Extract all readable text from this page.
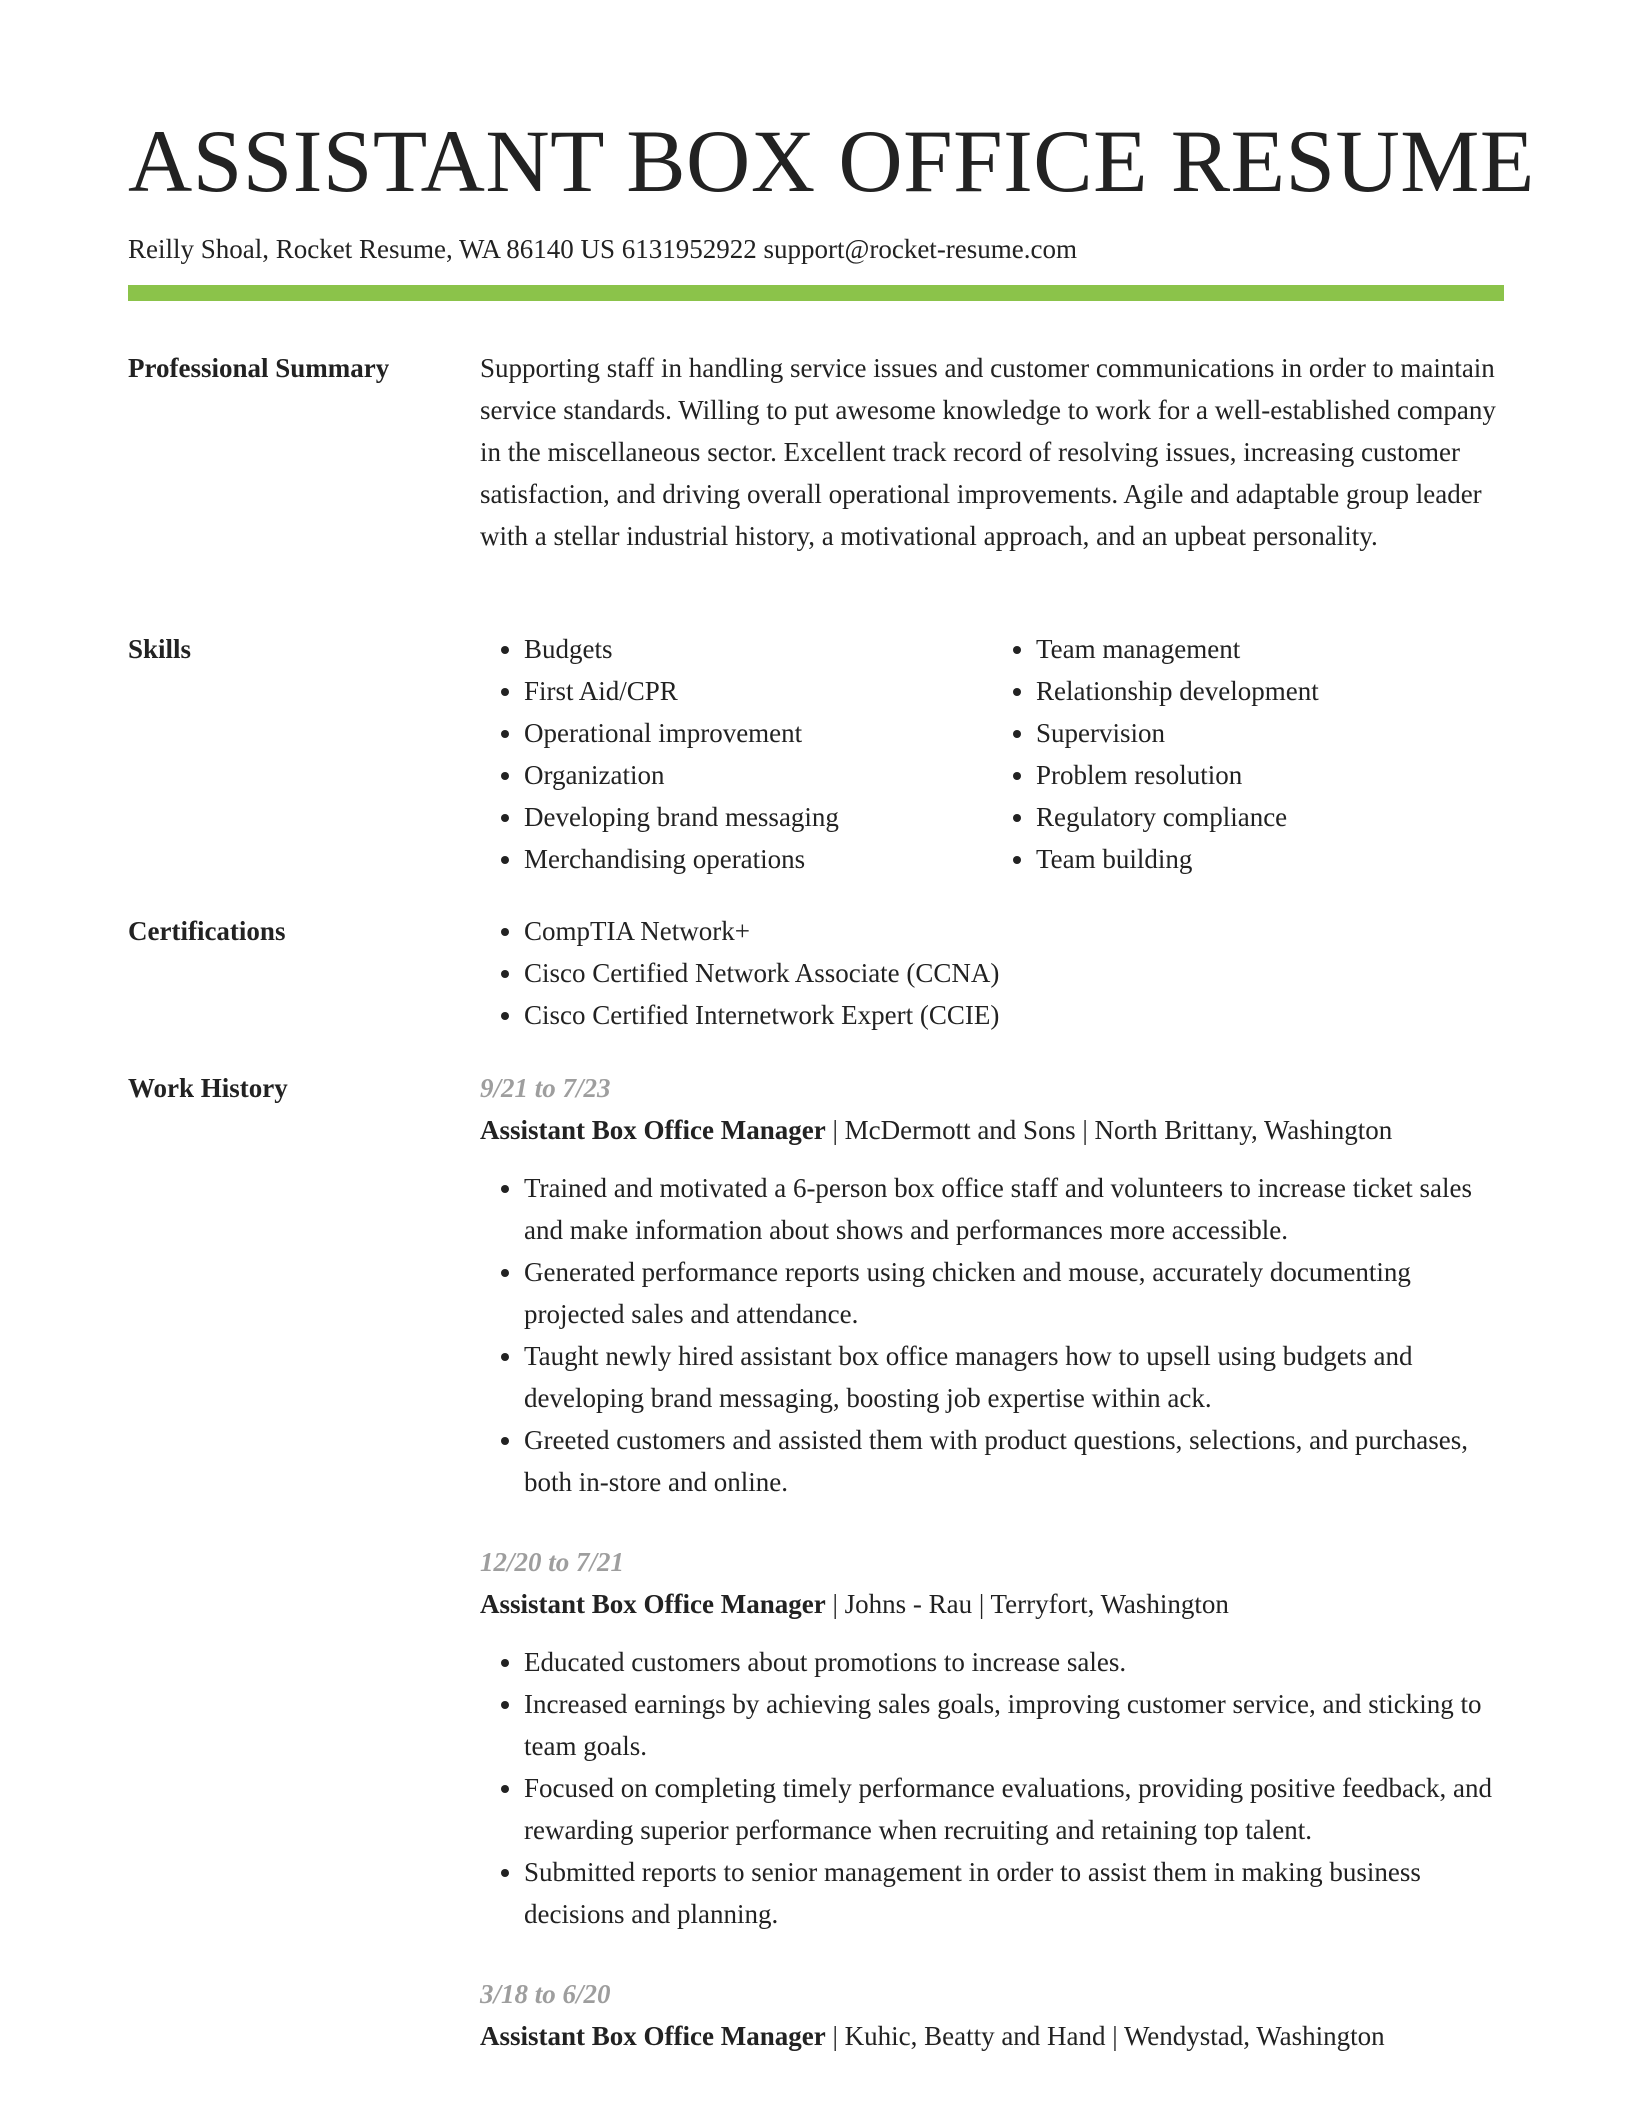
ASSISTANT BOX OFFICE RESUME
Reilly Shoal, Rocket Resume, WA 86140 US 6131952922 support@rocket-resume.com
Professional Summary	Supporting staff in handling service issues and customer communications in order to maintain service standards. Willing to put awesome knowledge to work for a well-established company in the miscellaneous sector. Excellent track record of resolving issues, increasing customer satisfaction, and driving overall operational improvements. Agile and adaptable group leader with a stellar industrial history, a motivational approach, and an upbeat personality.

Skills	• Budgets
• First Aid/CPR
• Operational improvement
• Organization
• Developing brand messaging
• Merchandising operations
• Team management
• Relationship development
• Supervision
• Problem resolution
• Regulatory compliance
• Team building
Certifications	• CompTIA Network+
• Cisco Certified Network Associate (CCNA)
• Cisco Certified Internetwork Expert (CCIE)
Work History	9/21 to 7/23
Assistant Box Office Manager | McDermott and Sons | North Brittany, Washington
• Trained and motivated a 6-person box office staff and volunteers to increase ticket sales and make information about shows and performances more accessible.
• Generated performance reports using chicken and mouse, accurately documenting projected sales and attendance.
• Taught newly hired assistant box office managers how to upsell using budgets and developing brand messaging, boosting job expertise within ack.
• Greeted customers and assisted them with product questions, selections, and purchases, both in-store and online.
12/20 to 7/21
Assistant Box Office Manager | Johns - Rau | Terryfort, Washington
• Educated customers about promotions to increase sales.
• Increased earnings by achieving sales goals, improving customer service, and sticking to team goals.
• Focused on completing timely performance evaluations, providing positive feedback, and rewarding superior performance when recruiting and retaining top talent.
• Submitted reports to senior management in order to assist them in making business decisions and planning.
3/18 to 6/20
Assistant Box Office Manager | Kuhic, Beatty and Hand | Wendystad, Washington
